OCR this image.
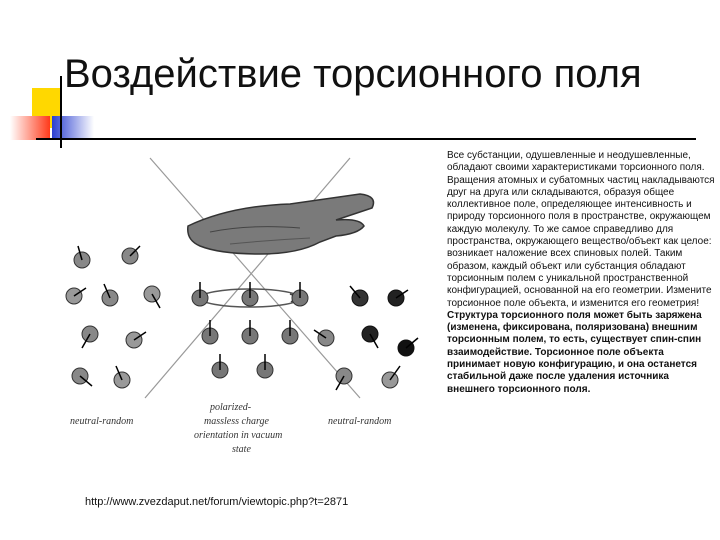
Воздействие торсионного поля
neutral-random	neutral-random
polarized-
massless charge
orientation in vacuum
state
http://www.zvezdaput.net/forum/viewtopic.php?t=2871
Все субстанции, одушевленные и неодушевленные, обладают своими характеристиками торсионного поля. Вращения атомных и субатомных частиц накладываются друг на друга или складываются, образуя общее коллективное поле, определяющее интенсивность и природу торсионного поля в пространстве, окружающем каждую молекулу. То же самое справедливо для пространства, окружающего вещество/объект как целое: возникает наложение всех спиновых полей. Таким образом, каждый объект или субстанция обладают торсионным полем с уникальной пространственной конфигурацией, основанной на его геометрии. Измените торсионное поле объекта, и изменится его геометрия!Структура торсионного поля может быть заряжена (изменена, фиксирована, поляризована) внешним торсионным полем, то есть, существует спин-спин взаимодействие. Торсионное поле объекта принимает новую конфигурацию, и она останется стабильной даже после удаления источника внешнего торсионного поля.
